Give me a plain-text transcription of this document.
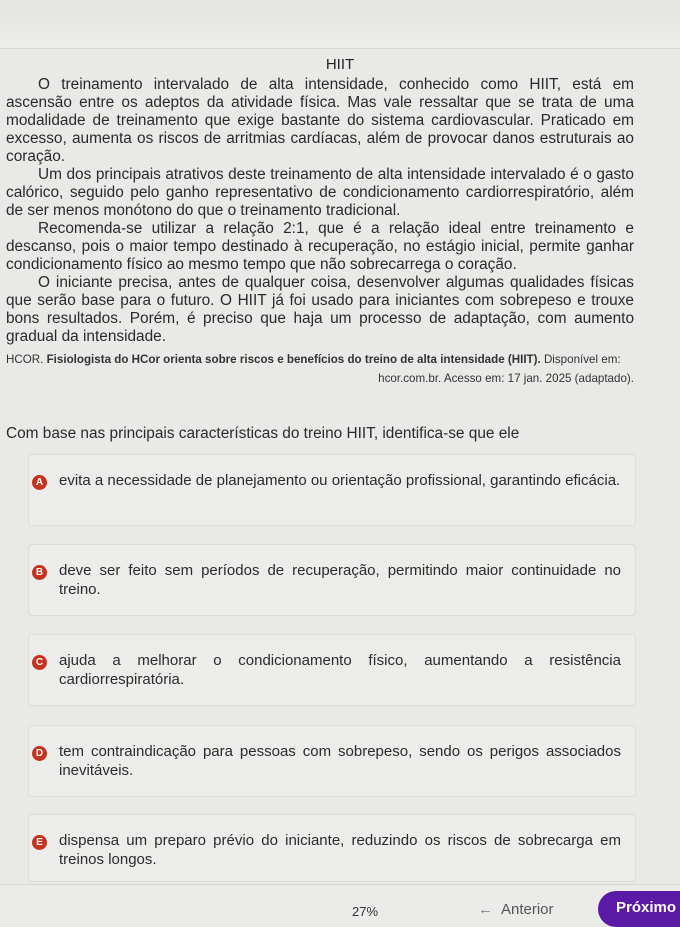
HIIT

O treinamento intervalado de alta intensidade, conhecido como HIIT, está em ascensão entre os adeptos da atividade física. Mas vale ressaltar que se trata de uma modalidade de treinamento que exige bastante do sistema cardiovascular. Praticado em excesso, aumenta os riscos de arritmias cardíacas, além de provocar danos estruturais ao coração.

Um dos principais atrativos deste treinamento de alta intensidade intervalado é o gasto calórico, seguido pelo ganho representativo de condicionamento cardiorrespiratório, além de ser menos monótono do que o treinamento tradicional.

Recomenda-se utilizar a relação 2:1, que é a relação ideal entre treinamento e descanso, pois o maior tempo destinado à recuperação, no estágio inicial, permite ganhar condicionamento físico ao mesmo tempo que não sobrecarrega o coração.

O iniciante precisa, antes de qualquer coisa, desenvolver algumas qualidades físicas que serão base para o futuro. O HIIT já foi usado para iniciantes com sobrepeso e trouxe bons resultados. Porém, é preciso que haja um processo de adaptação, com aumento gradual da intensidade.

HCOR. Fisiologista do HCor orienta sobre riscos e benefícios do treino de alta intensidade (HIIT). Disponível em:
hcor.com.br. Acesso em: 17 jan. 2025 (adaptado).

Com base nas principais características do treino HIIT, identifica-se que ele
A evita a necessidade de planejamento ou orientação profissional, garantindo eficácia.
B deve ser feito sem períodos de recuperação, permitindo maior continuidade no treino.
C ajuda a melhorar o condicionamento físico, aumentando a resistência cardiorrespiratória.
D tem contraindicação para pessoas com sobrepeso, sendo os perigos associados inevitáveis.
E dispensa um preparo prévio do iniciante, reduzindo os riscos de sobrecarga em treinos longos.
27%	← Anterior	Próximo
